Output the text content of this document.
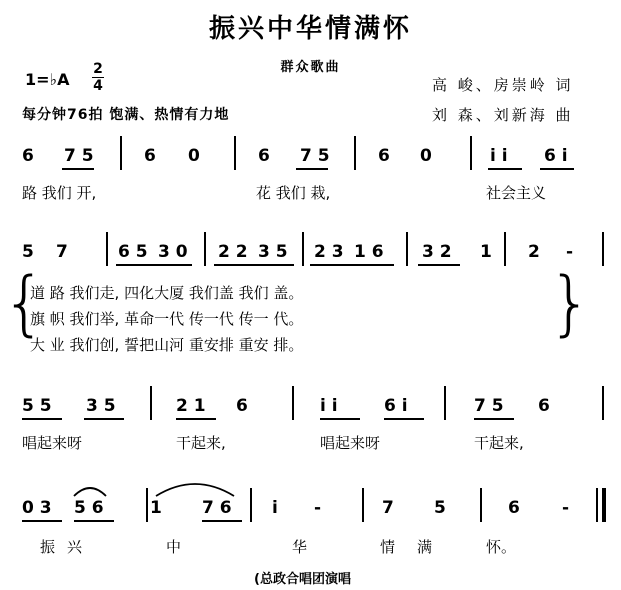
振兴中华情满怀
群众歌曲
高 峻、房崇岭 词
刘 森、刘新海 曲
1=♭A
2
4
每分钟76拍 饱满、热情有力地
6 7 5	6 0	6 7 5	6 0	i i 6 i
路 我们 开,	花 我们 栽,	社会主义
5 7	6 5 3 0 2 2 3 5 2 3 1 6 3 2 1 2 -
{	}
道 路 我们走, 四化大厦 我们盖 我们 盖。
旗 帜 我们举, 革命一代 传一代 传一 代。
大 业 我们创, 誓把山河 重安排 重安 排。
5 5 3 5	2 1 6	i i	6 i	7 5 6
唱起来呀	干起来,	唱起来呀	干起来,
0 3 5 6	1 7 6 i -	7 5	6 -
振兴	中	华	情满 怀。
(总政合唱团演唱
